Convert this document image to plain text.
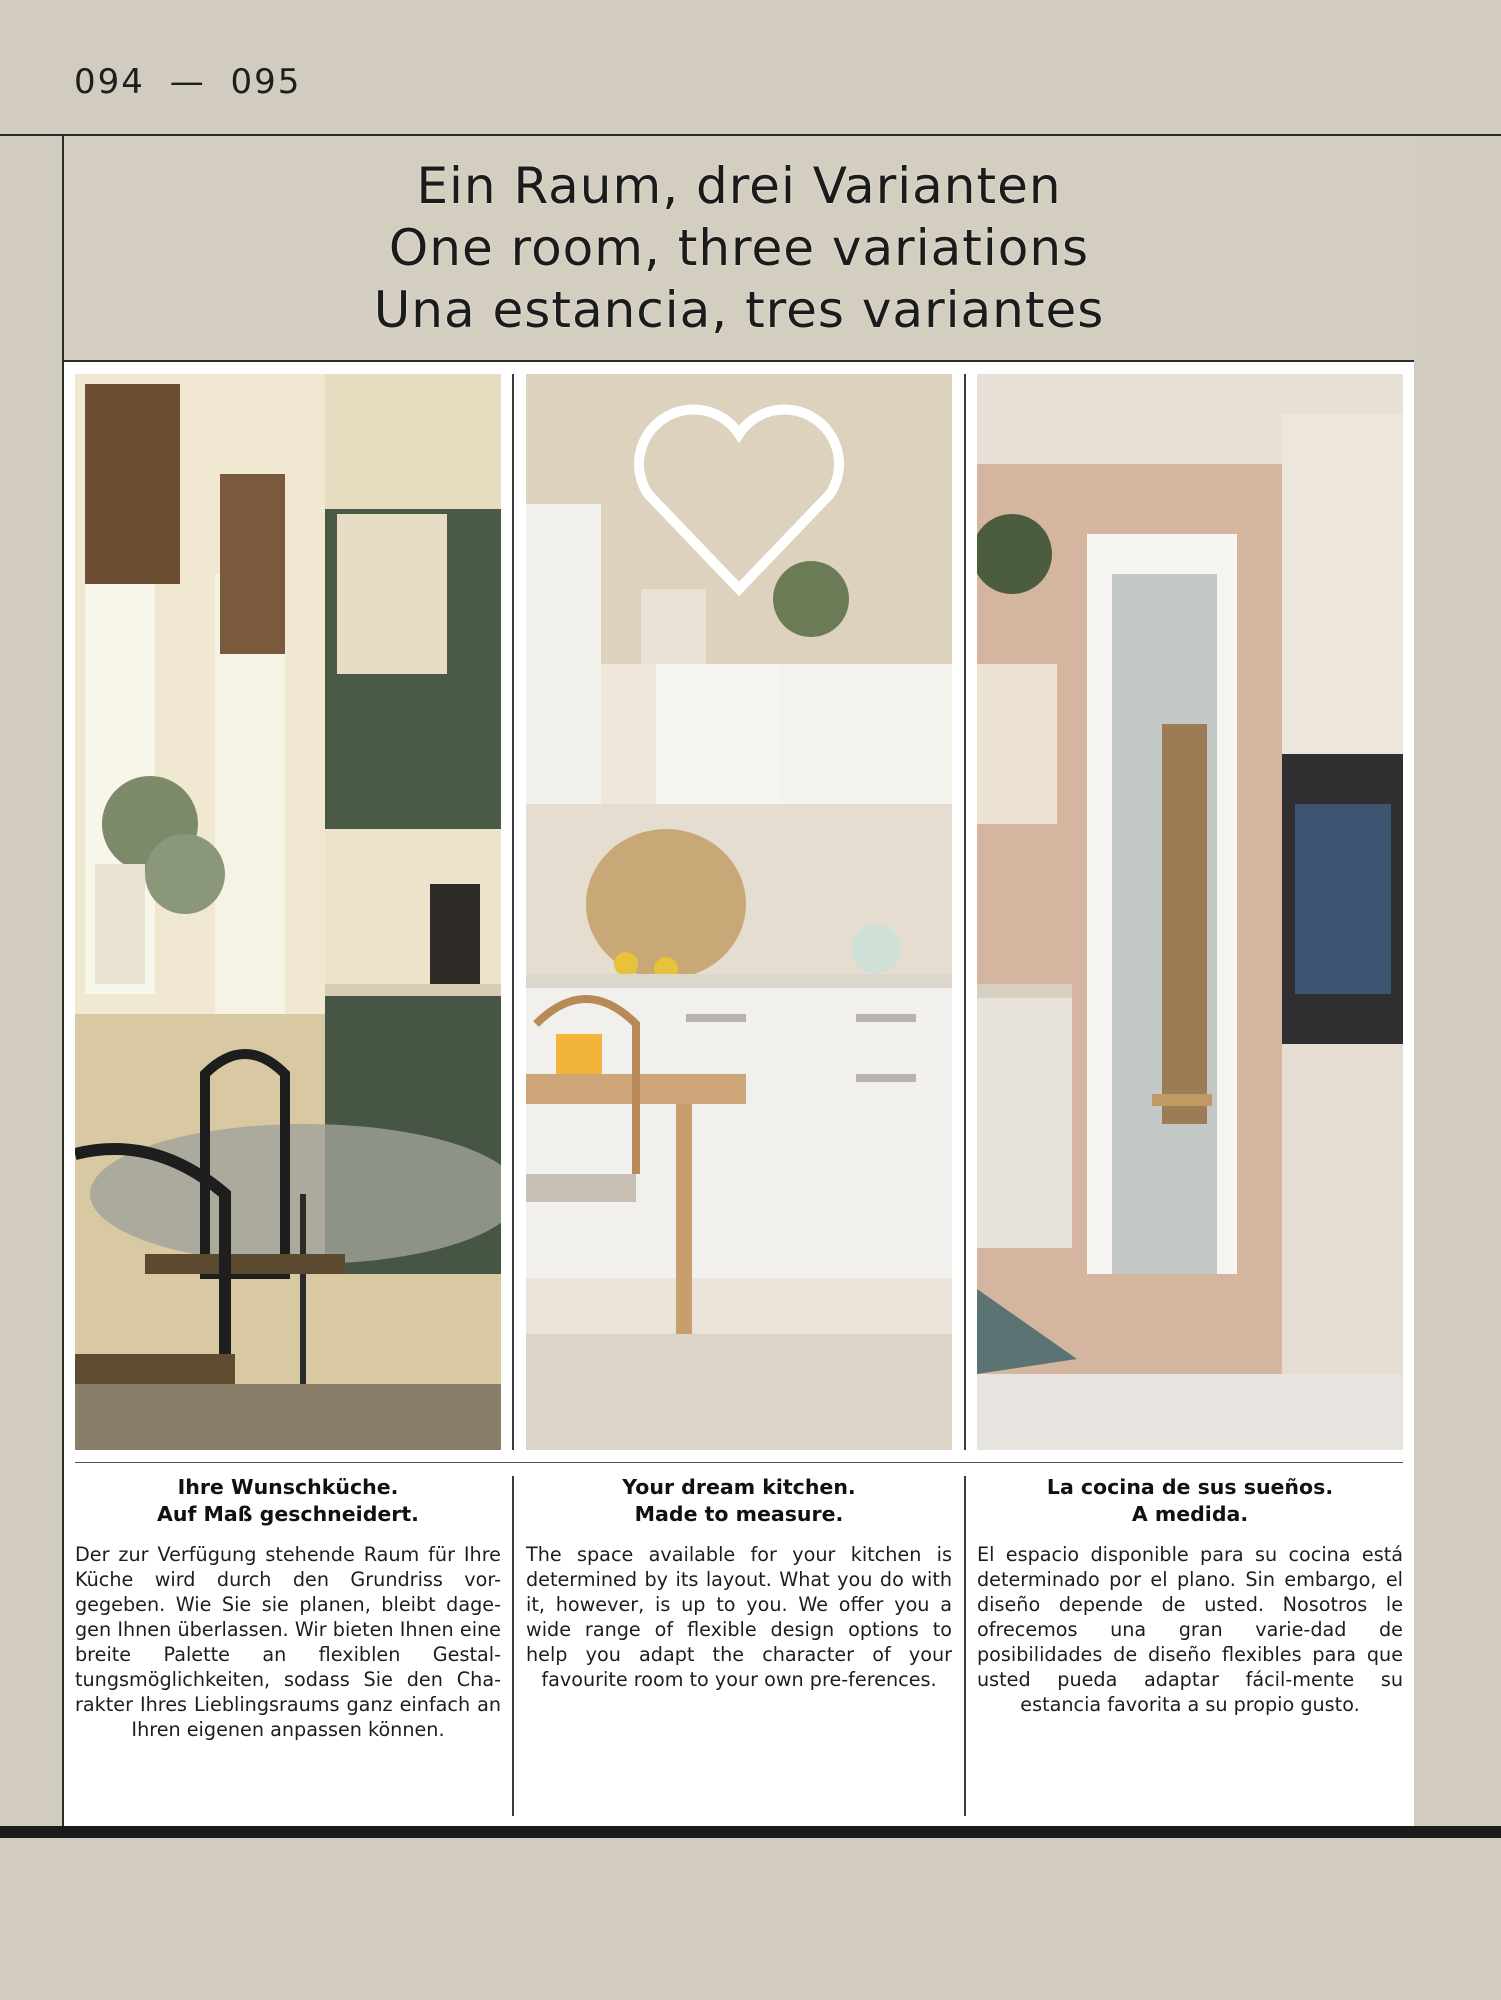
094 — 095
Ein Raum, drei Varianten
One room, three variations
Una estancia, tres variantes
Ihre Wunschküche.
Auf Maß geschneidert.
Der zur Verfügung stehende Raum für Ihre Küche wird durch den Grundriss vor-gegeben. Wie Sie sie planen, bleibt dage-gen Ihnen überlassen. Wir bieten Ihnen eine breite Palette an flexiblen Gestal-tungsmöglichkeiten, sodass Sie den Cha-rakter Ihres Lieblingsraums ganz einfach an Ihren eigenen anpassen können.
Your dream kitchen.
Made to measure.
The space available for your kitchen is determined by its layout. What you do with it, however, is up to you. We offer you a wide range of flexible design options to help you adapt the character of your favourite room to your own pre-ferences.
La cocina de sus sueños.
A medida.
El espacio disponible para su cocina está determinado por el plano. Sin embargo, el diseño depende de usted. Nosotros le ofrecemos una gran varie-dad de posibilidades de diseño flexibles para que usted pueda adaptar fácil-mente su estancia favorita a su propio gusto.
